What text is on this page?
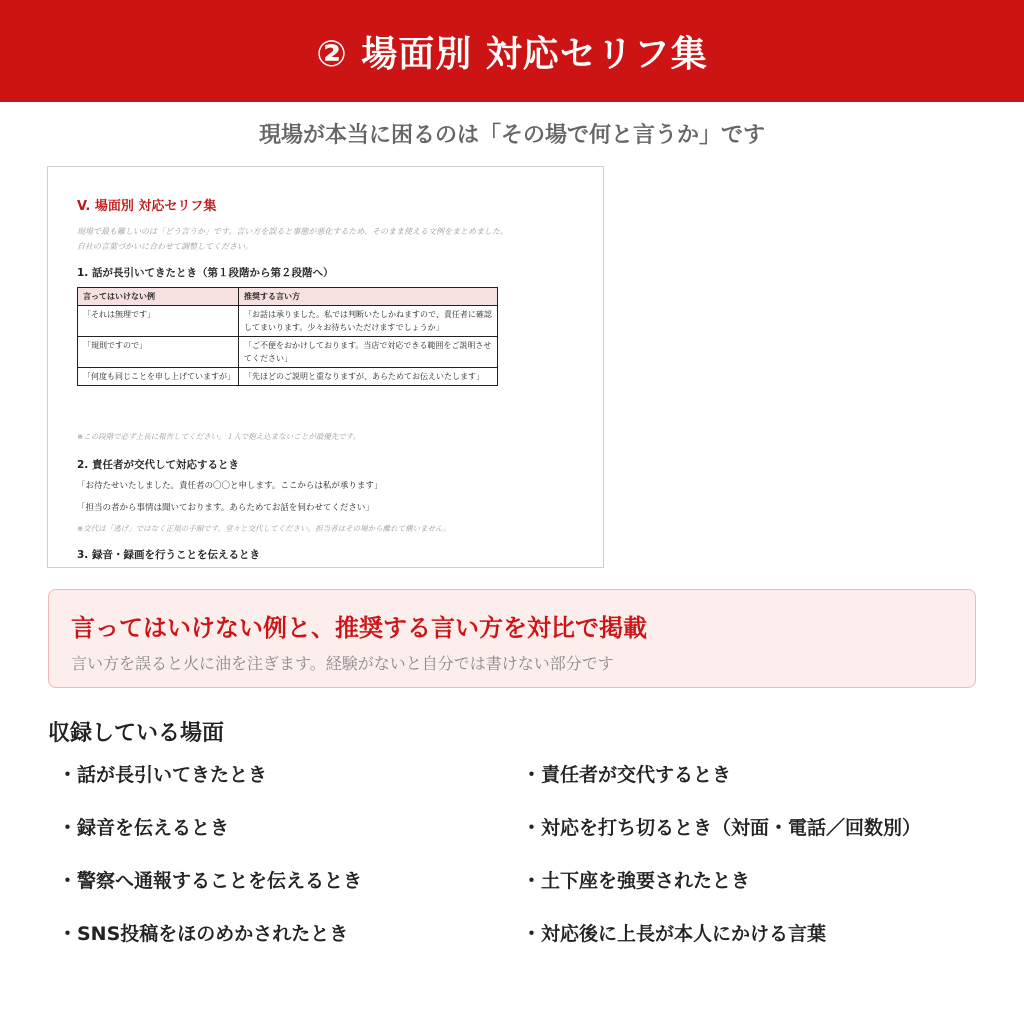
② 場面別 対応セリフ集
現場が本当に困るのは「その場で何と言うか」です
V. 場面別 対応セリフ集
現場で最も難しいのは「どう言うか」です。言い方を誤ると事態が悪化するため、そのまま使える文例をまとめました。
自社の言葉づかいに合わせて調整してください。
1. 話が長引いてきたとき（第１段階から第２段階へ）
言ってはいけない例	推奨する言い方
「それは無理です」	「お話は承りました。私では判断いたしかねますので、責任者に確認してまいります。少々お待ちいただけますでしょうか」
「規則ですので」	「ご不便をおかけしております。当店で対応できる範囲をご説明させてください」
「何度も同じことを申し上げていますが」	「先ほどのご説明と重なりますが、あらためてお伝えいたします」
※この段階で必ず上長に報告してください。１人で抱え込まないことが最優先です。
2. 責任者が交代して対応するとき
「お待たせいたしました。責任者の〇〇と申します。ここからは私が承ります」
「担当の者から事情は聞いております。あらためてお話を伺わせてください」
※交代は「逃げ」ではなく正規の手順です。堂々と交代してください。担当者はその場から離れて構いません。
3. 録音・録画を行うことを伝えるとき
言ってはいけない例と、推奨する言い方を対比で掲載
言い方を誤ると火に油を注ぎます。経験がないと自分では書けない部分です
収録している場面
・話が長引いてきたとき
・録音を伝えるとき
・警察へ通報することを伝えるとき
・SNS投稿をほのめかされたとき
・責任者が交代するとき
・対応を打ち切るとき（対面・電話／回数別）
・土下座を強要されたとき
・対応後に上長が本人にかける言葉
